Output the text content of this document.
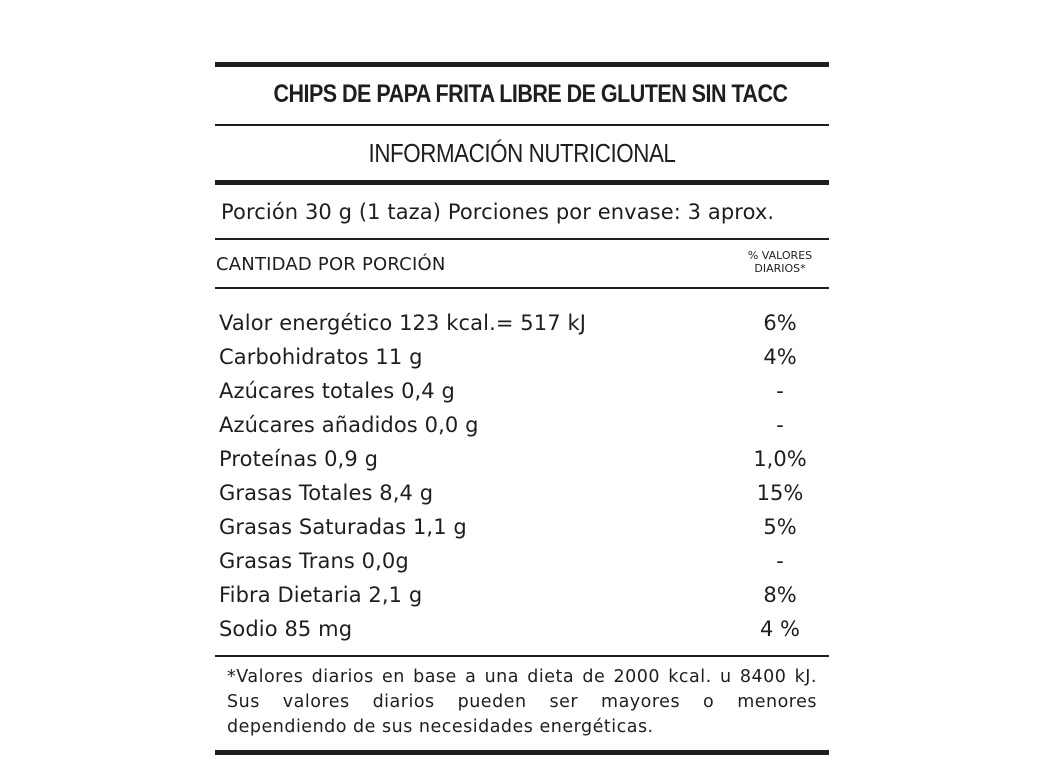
CHIPS DE PAPA FRITA LIBRE DE GLUTEN SIN TACC
INFORMACIÓN NUTRICIONAL
Porción 30 g (1 taza) Porciones por envase: 3 aprox.
CANTIDAD POR PORCIÓN	% VALORES
DIARIOS*
Valor energético 123 kcal.= 517 kJ	6%
Carbohidratos 11 g	4%
Azúcares totales 0,4 g	-
Azúcares añadidos 0,0 g	-
Proteínas 0,9 g	1,0%
Grasas Totales 8,4 g	15%
Grasas Saturadas 1,1 g	5%
Grasas Trans 0,0g	-
Fibra Dietaria 2,1 g	8%
Sodio 85 mg	4 %
*Valores diarios en base a una dieta de 2000 kcal. u 8400 kJ. Sus valores diarios pueden ser mayores o menores dependiendo de sus necesidades energéticas.
